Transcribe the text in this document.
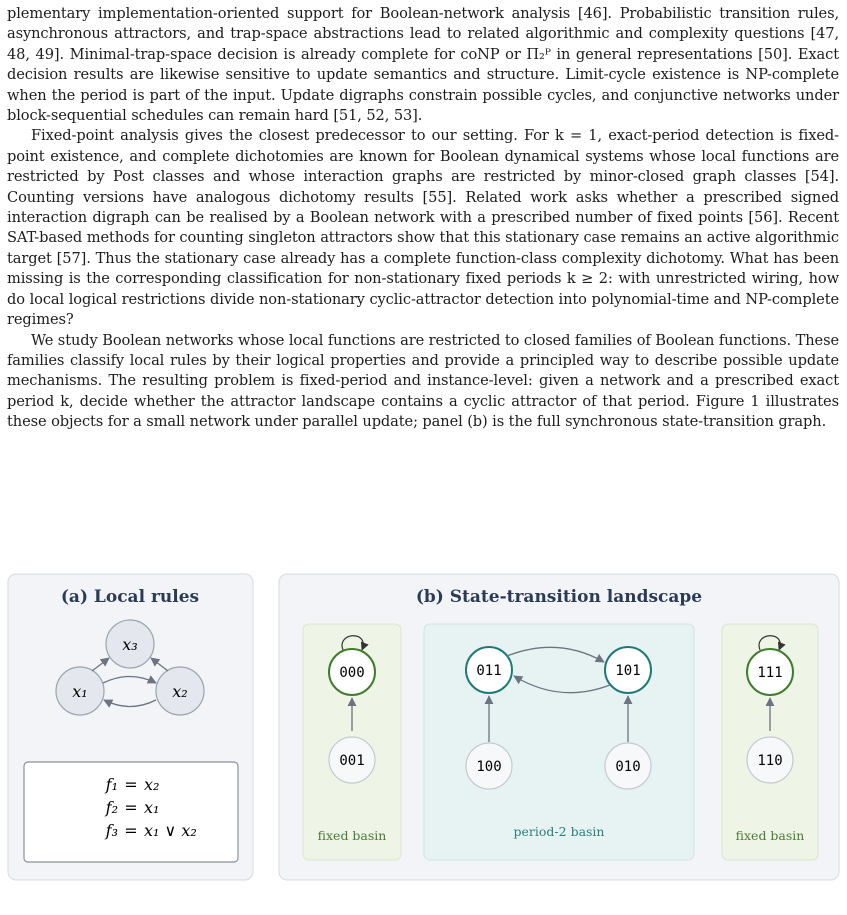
plementary implementation-oriented support for Boolean-network analysis [46]. Probabilistic transition rules, asynchronous attractors, and trap-space abstractions lead to related algorithmic and complexity questions [47, 48, 49]. Minimal-trap-space decision is already complete for coNP or Π₂ᴾ in general representations [50]. Exact decision results are likewise sensitive to update semantics and structure. Limit-cycle existence is NP-complete when the period is part of the input. Update digraphs constrain possible cycles, and conjunctive networks under block-sequential schedules can remain hard [51, 52, 53].

Fixed-point analysis gives the closest predecessor to our setting. For k = 1, exact-period detection is fixed-point existence, and complete dichotomies are known for Boolean dynamical systems whose local functions are restricted by Post classes and whose interaction graphs are restricted by minor-closed graph classes [54]. Counting versions have analogous dichotomy results [55]. Related work asks whether a prescribed signed interaction digraph can be realised by a Boolean network with a prescribed number of fixed points [56]. Recent SAT-based methods for counting singleton attractors show that this stationary case remains an active algorithmic target [57]. Thus the stationary case already has a complete function-class complexity dichotomy. What has been missing is the corresponding classification for non-stationary fixed periods k ≥ 2: with unrestricted wiring, how do local logical restrictions divide non-stationary cyclic-attractor detection into polynomial-time and NP-complete regimes?

We study Boolean networks whose local functions are restricted to closed families of Boolean functions. These families classify local rules by their logical properties and provide a principled way to describe possible update mechanisms. The resulting problem is fixed-period and instance-level: given a network and a prescribed exact period k, decide whether the attractor landscape contains a cyclic attractor of that period. Figure 1 illustrates these objects for a small network under parallel update; panel (b) is the full synchronous state-transition graph.

(a) Local rules
x₃
x₁	x₂
f₁ = x₂
f₂ = x₁
f₃ = x₁ ∨ x₂
(b) State-transition landscape
fixed basin	period-2 basin	fixed basin
000
001
011	101
100	010
111
110
